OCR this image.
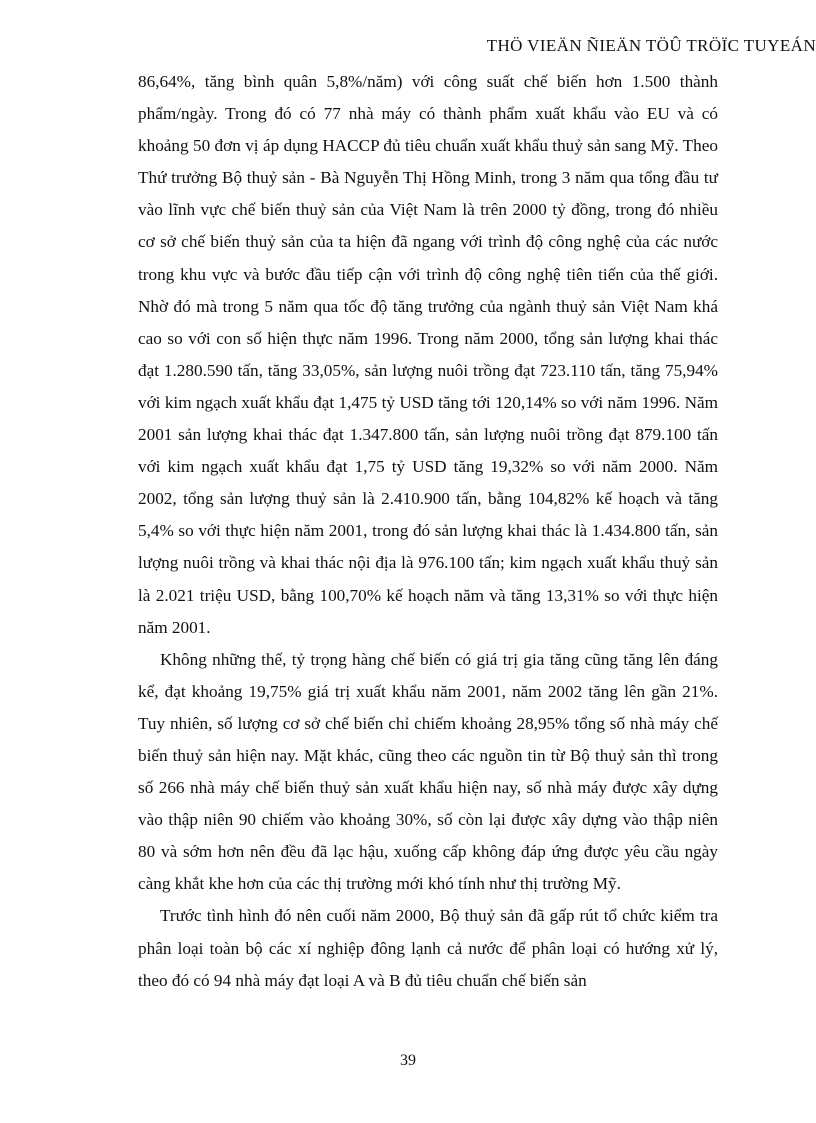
THÖ VIEÄN ÑIEÄN TÖÛ TRÖÏC TUYEÁN

86,64%, tăng bình quân 5,8%/năm) với công suất chế biến hơn 1.500 thành phẩm/ngày. Trong đó có 77 nhà máy có thành phẩm xuất khẩu vào EU và có khoảng 50 đơn vị áp dụng HACCP đủ tiêu chuẩn xuất khẩu thuỷ sản sang Mỹ. Theo Thứ trưởng Bộ thuỷ sản - Bà Nguyễn Thị Hồng Minh, trong 3 năm qua tổng đầu tư vào lĩnh vực chế biến thuỷ sản của Việt Nam là trên 2000 tỷ đồng, trong đó nhiều cơ sở chế biến thuỷ sản của ta hiện đã ngang với trình độ công nghệ của các nước trong khu vực và bước đầu tiếp cận với trình độ công nghệ tiên tiến của thế giới. Nhờ đó mà trong 5 năm qua tốc độ tăng trưởng của ngành thuỷ sản Việt Nam khá cao so với con số hiện thực năm 1996. Trong năm 2000, tổng sản lượng khai thác đạt 1.280.590 tấn, tăng 33,05%, sản lượng nuôi trồng đạt 723.110 tấn, tăng 75,94% với kim ngạch xuất khẩu đạt 1,475 tỷ USD tăng tới 120,14% so với năm 1996. Năm 2001 sản lượng khai thác đạt 1.347.800 tấn, sản lượng nuôi trồng đạt 879.100 tấn với kim ngạch xuất khẩu đạt 1,75 tỷ USD tăng 19,32% so với năm 2000. Năm 2002, tổng sản lượng thuỷ sản là 2.410.900 tấn, bằng 104,82% kế hoạch và tăng 5,4% so với thực hiện năm 2001, trong đó sản lượng khai thác là 1.434.800 tấn, sản lượng nuôi trồng và khai thác nội địa là 976.100 tấn; kim ngạch xuất khẩu thuỷ sản là 2.021 triệu USD, bằng 100,70% kế hoạch năm và tăng 13,31% so với thực hiện năm 2001.

Không những thế, tỷ trọng hàng chế biến có giá trị gia tăng cũng tăng lên đáng kể, đạt khoảng 19,75% giá trị xuất khẩu năm 2001, năm 2002 tăng lên gần 21%. Tuy nhiên, số lượng cơ sở chế biến chỉ chiếm khoảng 28,95% tổng số nhà máy chế biến thuỷ sản hiện nay. Mặt khác, cũng theo các nguồn tin từ Bộ thuỷ sản thì trong số 266 nhà máy chế biến thuỷ sản xuất khẩu hiện nay, số nhà máy được xây dựng vào thập niên 90 chiếm vào khoảng 30%, số còn lại được xây dựng vào thập niên 80 và sớm hơn nên đều đã lạc hậu, xuống cấp không đáp ứng được yêu cầu ngày càng khắt khe hơn của các thị trường mới khó tính như thị trường Mỹ.

Trước tình hình đó nên cuối năm 2000, Bộ thuỷ sản đã gấp rút tổ chức kiểm tra phân loại toàn bộ các xí nghiệp đông lạnh cả nước để phân loại có hướng xử lý, theo đó có 94 nhà máy đạt loại A và B đủ tiêu chuẩn chế biến sản

39
